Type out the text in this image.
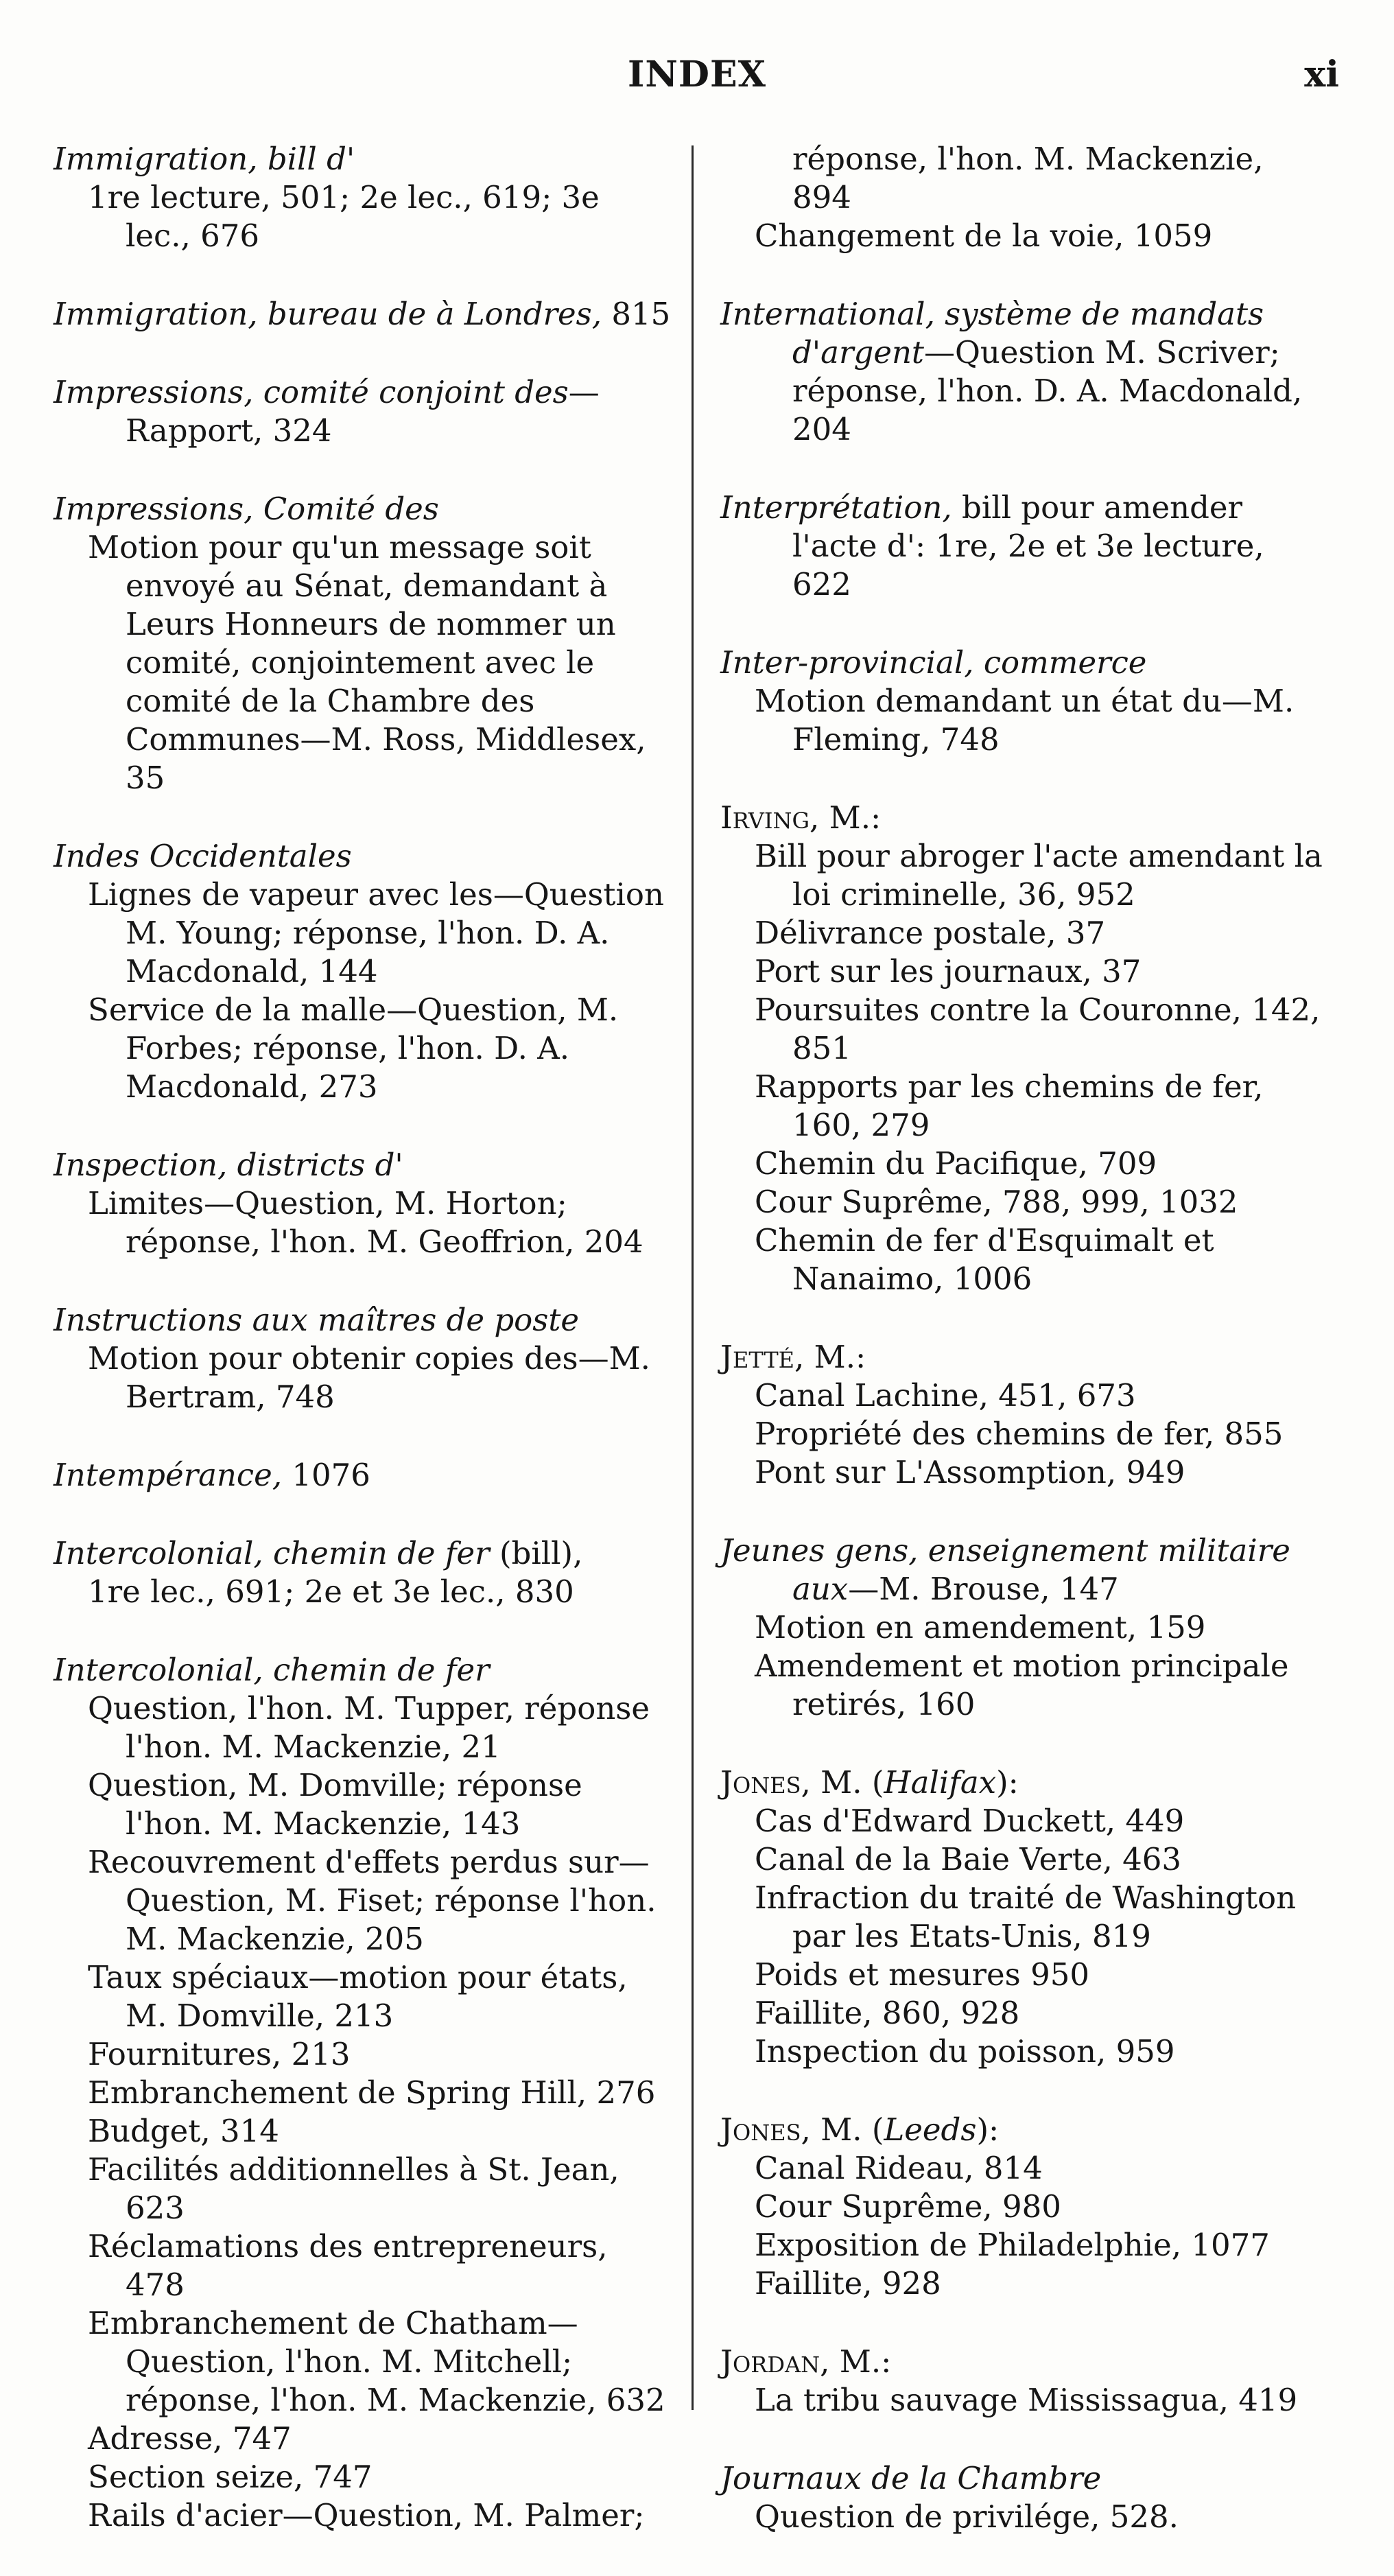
INDEX	xi
Immigration, bill d'
1re lecture, 501; 2e lec., 619; 3e lec., 676
Immigration, bureau de à Londres, 815
Impressions, comité conjoint des—Rapport, 324
Impressions, Comité des
Motion pour qu'un message soit envoyé au Sénat, demandant à Leurs Honneurs de nommer un comité, conjointement avec le comité de la Chambre des Communes—M. Ross, Middlesex, 35
Indes Occidentales
Lignes de vapeur avec les—Question M. Young; réponse, l'hon. D. A. Macdonald, 144
Service de la malle—Question, M. Forbes; réponse, l'hon. D. A. Macdonald, 273
Inspection, districts d'
Limites—Question, M. Horton; réponse, l'hon. M. Geoffrion, 204
Instructions aux maîtres de poste
Motion pour obtenir copies des—M. Bertram, 748
Intempérance, 1076
Intercolonial, chemin de fer (bill),
1re lec., 691; 2e et 3e lec., 830
Intercolonial, chemin de fer
Question, l'hon. M. Tupper, réponse l'hon. M. Mackenzie, 21
Question, M. Domville; réponse l'hon. M. Mackenzie, 143
Recouvrement d'effets perdus sur—Question, M. Fiset; réponse l'hon. M. Mackenzie, 205
Taux spéciaux—motion pour états, M. Domville, 213
Fournitures, 213
Embranchement de Spring Hill, 276
Budget, 314
Facilités additionnelles à St. Jean, 623
Réclamations des entrepreneurs, 478
Embranchement de Chatham—Question, l'hon. M. Mitchell; réponse, l'hon. M. Mackenzie, 632
Adresse, 747
Section seize, 747
Rails d'acier—Question, M. Palmer;
réponse, l'hon. M. Mackenzie, 894
Changement de la voie, 1059
International, système de mandats d'argent—Question M. Scriver; réponse, l'hon. D. A. Macdonald, 204
Interprétation, bill pour amender l'acte d': 1re, 2e et 3e lecture, 622
Inter-provincial, commerce
Motion demandant un état du—M. Fleming, 748
Irving, M.:
Bill pour abroger l'acte amendant la loi criminelle, 36, 952
Délivrance postale, 37
Port sur les journaux, 37
Poursuites contre la Couronne, 142, 851
Rapports par les chemins de fer, 160, 279
Chemin du Pacifique, 709
Cour Suprême, 788, 999, 1032
Chemin de fer d'Esquimalt et Nanaimo, 1006
Jetté, M.:
Canal Lachine, 451, 673
Propriété des chemins de fer, 855
Pont sur L'Assomption, 949
Jeunes gens, enseignement militaire aux—M. Brouse, 147
Motion en amendement, 159
Amendement et motion principale retirés, 160
Jones, M. (Halifax):
Cas d'Edward Duckett, 449
Canal de la Baie Verte, 463
Infraction du traité de Washington par les Etats-Unis, 819
Poids et mesures 950
Faillite, 860, 928
Inspection du poisson, 959
Jones, M. (Leeds):
Canal Rideau, 814
Cour Suprême, 980
Exposition de Philadelphie, 1077
Faillite, 928
Jordan, M.:
La tribu sauvage Mississagua, 419
Journaux de la Chambre
Question de privilége, 528.
